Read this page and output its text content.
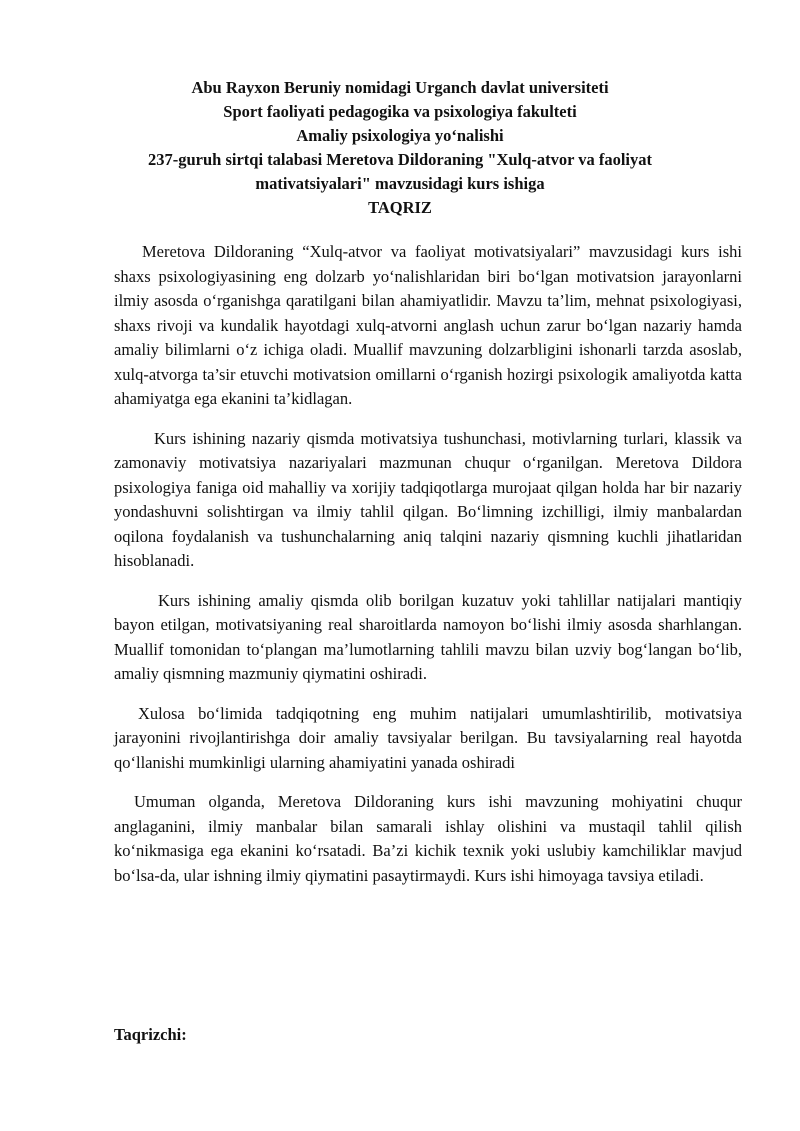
Abu Rayxon Beruniy nomidagi Urganch davlat universiteti
Sport faoliyati pedagogika va psixologiya fakulteti
Amaliy psixologiya yo‘nalishi
237-guruh sirtqi talabasi Meretova Dildoraning "Xulq-atvor va faoliyat
mativatsiyalari" mavzusidagi kurs ishiga
TAQRIZ

Meretova Dildoraning “Xulq-atvor va faoliyat motivatsiyalari” mavzusidagi kurs ishi shaxs psixologiyasining eng dolzarb yo‘nalishlaridan biri bo‘lgan motivatsion jarayonlarni ilmiy asosda o‘rganishga qaratilgani bilan ahamiyatlidir. Mavzu ta’lim, mehnat psixologiyasi, shaxs rivoji va kundalik hayotdagi xulq-atvorni anglash uchun zarur bo‘lgan nazariy hamda amaliy bilimlarni o‘z ichiga oladi. Muallif mavzuning dolzarbligini ishonarli tarzda asoslab, xulq-atvorga ta’sir etuvchi motivatsion omillarni o‘rganish hozirgi psixologik amaliyotda katta ahamiyatga ega ekanini ta’kidlagan.

Kurs ishining nazariy qismda motivatsiya tushunchasi, motivlarning turlari, klassik va zamonaviy motivatsiya nazariyalari mazmunan chuqur o‘rganilgan. Meretova Dildora psixologiya faniga oid mahalliy va xorijiy tadqiqotlarga murojaat qilgan holda har bir nazariy yondashuvni solishtirgan va ilmiy tahlil qilgan. Bo‘limning izchilligi, ilmiy manbalardan oqilona foydalanish va tushunchalarning aniq talqini nazariy qismning kuchli jihatlaridan hisoblanadi.

Kurs ishining amaliy qismda olib borilgan kuzatuv yoki tahlillar natijalari mantiqiy bayon etilgan, motivatsiyaning real sharoitlarda namoyon bo‘lishi ilmiy asosda sharhlangan. Muallif tomonidan to‘plangan ma’lumotlarning tahlili mavzu bilan uzviy bog‘langan bo‘lib, amaliy qismning mazmuniy qiymatini oshiradi.

Xulosa bo‘limida tadqiqotning eng muhim natijalari umumlashtirilib, motivatsiya jarayonini rivojlantirishga doir amaliy tavsiyalar berilgan. Bu tavsiyalarning real hayotda qo‘llanishi mumkinligi ularning ahamiyatini yanada oshiradi

Umuman olganda, Meretova Dildoraning kurs ishi mavzuning mohiyatini chuqur anglaganini, ilmiy manbalar bilan samarali ishlay olishini va mustaqil tahlil qilish ko‘nikmasiga ega ekanini ko‘rsatadi. Ba’zi kichik texnik yoki uslubiy kamchiliklar mavjud bo‘lsa-da, ular ishning ilmiy qiymatini pasaytirmaydi. Kurs ishi himoyaga tavsiya etiladi.

Taqrizchi:
